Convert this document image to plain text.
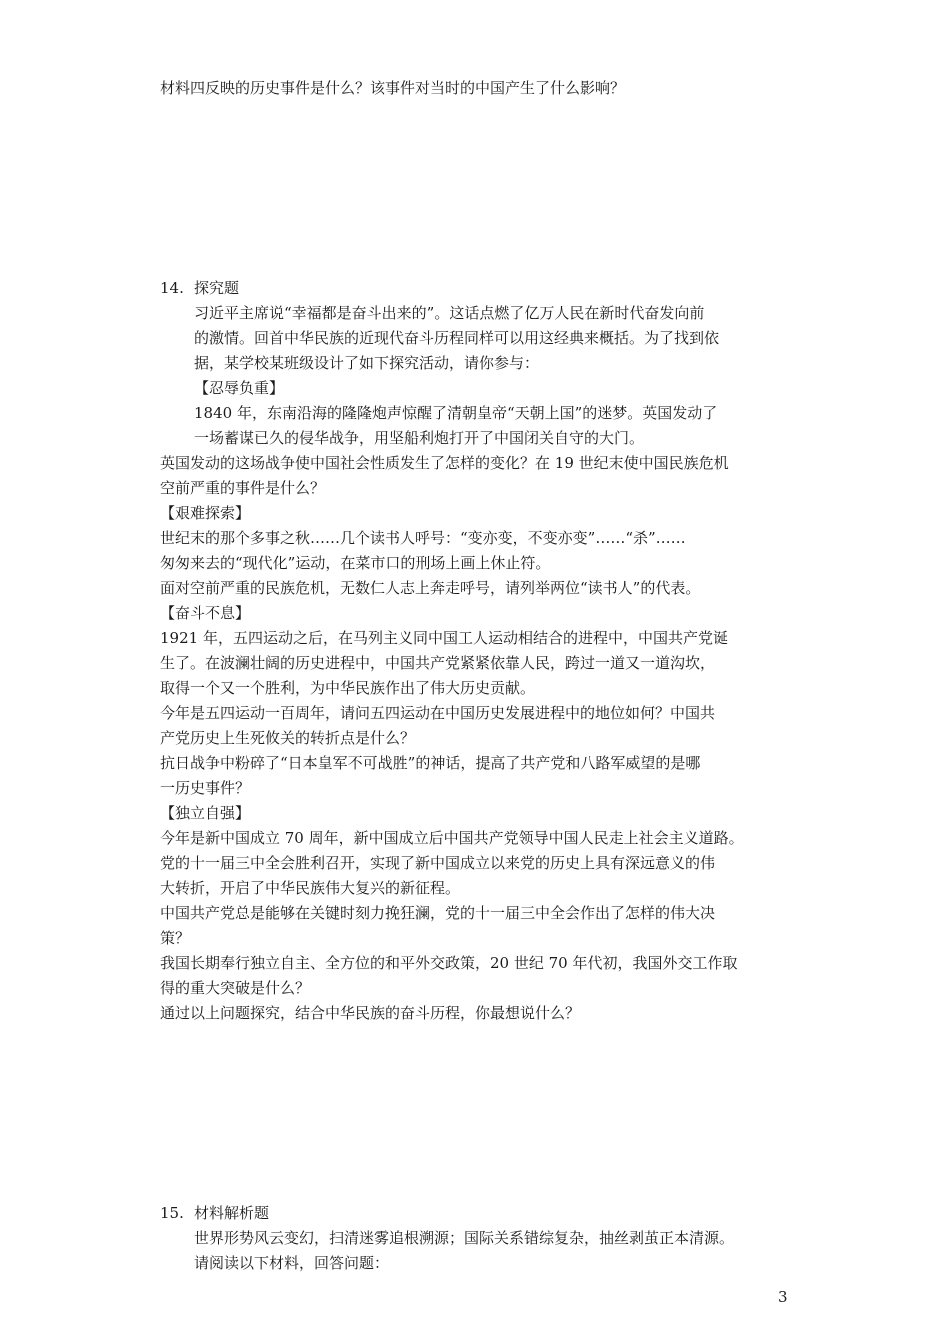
材料四反映的历史事件是什么？该事件对当时的中国产生了什么影响？
14. 探究题
习近平主席说“幸福都是奋斗出来的”。这话点燃了亿万人民在新时代奋发向前
的激情。回首中华民族的近现代奋斗历程同样可以用这经典来概括。为了找到依
据，某学校某班级设计了如下探究活动，请你参与：
【忍辱负重】
1840 年，东南沿海的隆隆炮声惊醒了清朝皇帝“天朝上国”的迷梦。英国发动了
一场蓄谋已久的侵华战争，用坚船利炮打开了中国闭关自守的大门。
英国发动的这场战争使中国社会性质发生了怎样的变化？在 19 世纪末使中国民族危机
空前严重的事件是什么？
【艰难探索】
世纪末的那个多事之秋……几个读书人呼号：“变亦变，不变亦变”……“杀”……
匆匆来去的“现代化”运动，在菜市口的刑场上画上休止符。
面对空前严重的民族危机，无数仁人志上奔走呼号，请列举两位“读书人”的代表。
【奋斗不息】
1921 年，五四运动之后，在马列主义同中国工人运动相结合的进程中，中国共产党诞
生了。在波澜壮阔的历史进程中，中国共产党紧紧依靠人民，跨过一道又一道沟坎，
取得一个又一个胜利，为中华民族作出了伟大历史贡献。
今年是五四运动一百周年，请问五四运动在中国历史发展进程中的地位如何？中国共
产党历史上生死攸关的转折点是什么？
抗日战争中粉碎了“日本皇军不可战胜”的神话，提高了共产党和八路军威望的是哪
一历史事件？
【独立自强】
今年是新中国成立 70 周年，新中国成立后中国共产党领导中国人民走上社会主义道路。
党的十一届三中全会胜利召开，实现了新中国成立以来党的历史上具有深远意义的伟
大转折，开启了中华民族伟大复兴的新征程。
中国共产党总是能够在关键时刻力挽狂澜，党的十一届三中全会作出了怎样的伟大决
策？
我国长期奉行独立自主、全方位的和平外交政策，20 世纪 70 年代初，我国外交工作取
得的重大突破是什么？
通过以上问题探究，结合中华民族的奋斗历程，你最想说什么？
15. 材料解析题
世界形势风云变幻，扫清迷雾追根溯源；国际关系错综复杂，抽丝剥茧正本清源。
请阅读以下材料，回答问题：
3
